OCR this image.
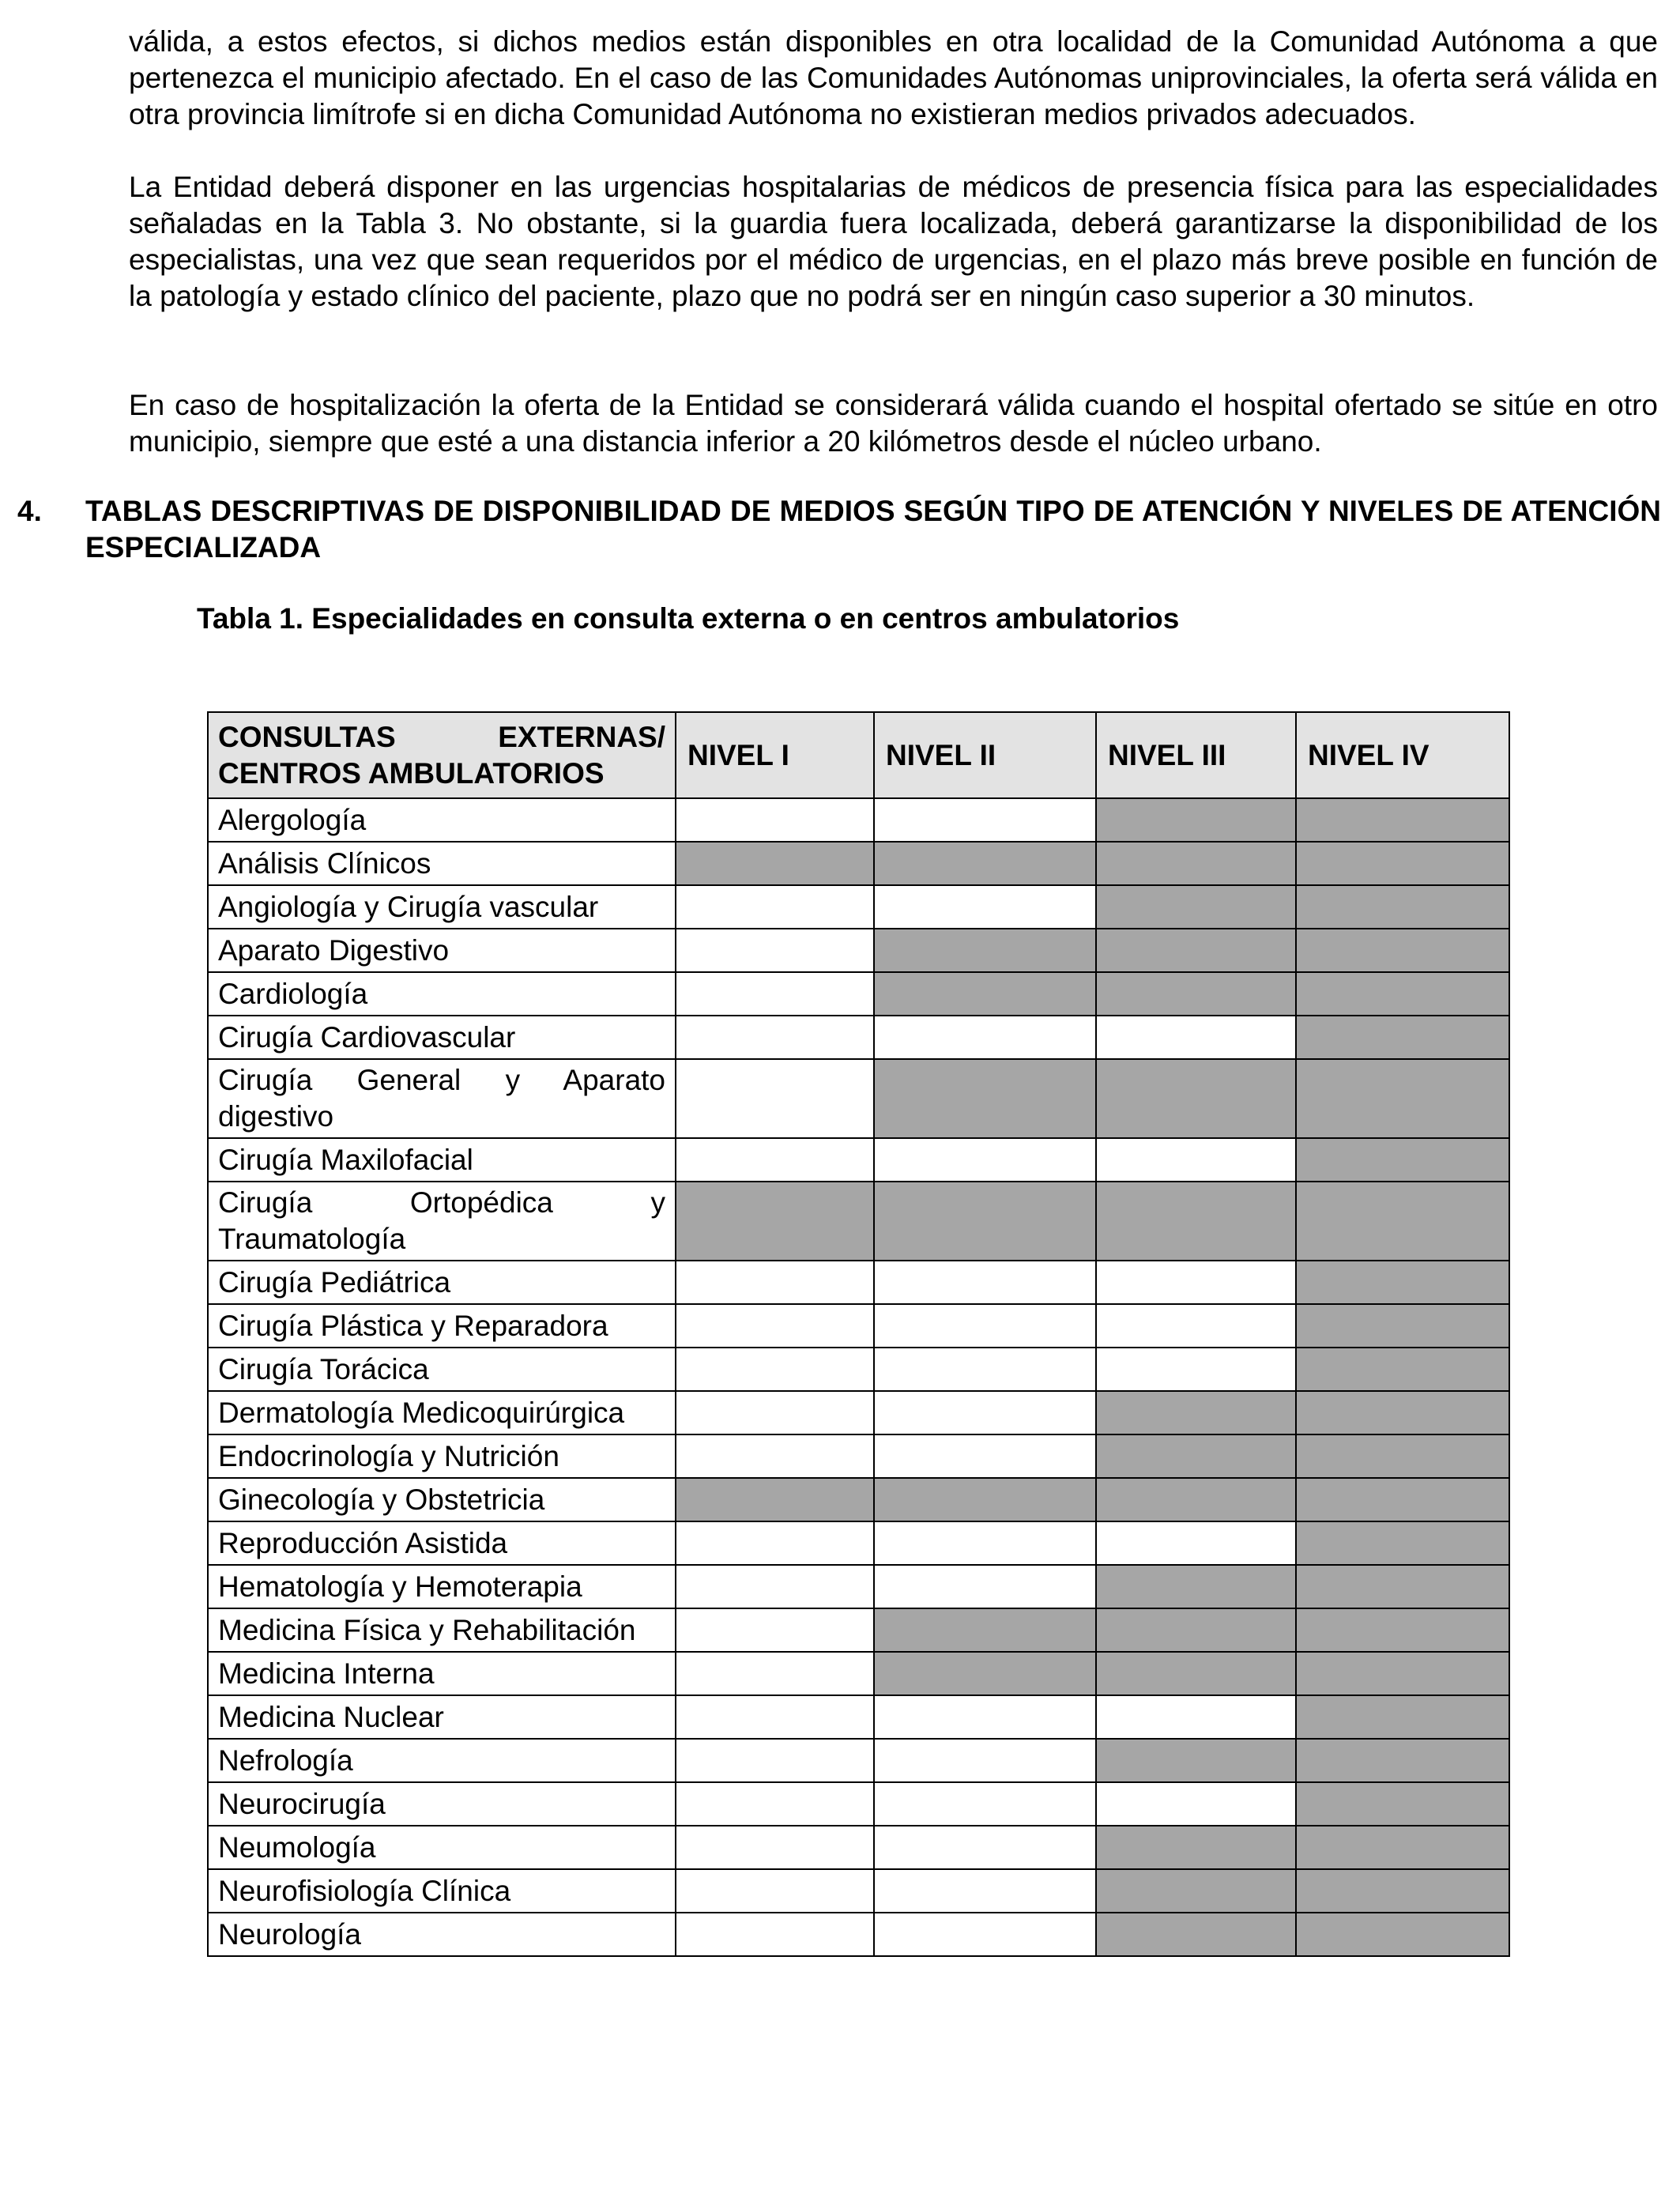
válida, a estos efectos, si dichos medios están disponibles en otra localidad de la Comunidad Autónoma a que pertenezca el municipio afectado. En el caso de las Comunidades Autónomas uniprovinciales, la oferta será válida en otra provincia limítrofe si en dicha Comunidad Autónoma no existieran medios privados adecuados.

La Entidad deberá disponer en las urgencias hospitalarias de médicos de presencia física para las especialidades señaladas en la Tabla 3. No obstante, si la guardia fuera localizada, deberá garantizarse la disponibilidad de los especialistas, una vez que sean requeridos por el médico de urgencias, en el plazo más breve posible en función de la patología y estado clínico del paciente, plazo que no podrá ser en ningún caso superior a 30 minutos.

En caso de hospitalización la oferta de la Entidad se considerará válida cuando el hospital ofertado se sitúe en otro municipio, siempre que esté a una distancia inferior a 20 kilómetros desde el núcleo urbano.

4. TABLAS DESCRIPTIVAS DE DISPONIBILIDAD DE MEDIOS SEGÚN TIPO DE ATENCIÓN Y NIVELES DE ATENCIÓN ESPECIALIZADA

Tabla 1. Especialidades en consulta externa o en centros ambulatorios

CONSULTAS EXTERNAS/
CENTROS AMBULATORIOS	NIVEL I	NIVEL II	NIVEL III	NIVEL IV

Alergología				

Análisis Clínicos				

Angiología y Cirugía vascular				

Aparato Digestivo				

Cardiología				

Cirugía Cardiovascular				

Cirugía General y Aparato
digestivo				

Cirugía Maxilofacial				

Cirugía Ortopédica y
Traumatología				

Cirugía Pediátrica				

Cirugía Plástica y Reparadora				

Cirugía Torácica				

Dermatología Medicoquirúrgica				

Endocrinología y Nutrición				

Ginecología y Obstetricia				

Reproducción Asistida				

Hematología y Hemoterapia				

Medicina Física y Rehabilitación				

Medicina Interna				

Medicina Nuclear				

Nefrología				

Neurocirugía				

Neumología				

Neurofisiología Clínica				

Neurología				
